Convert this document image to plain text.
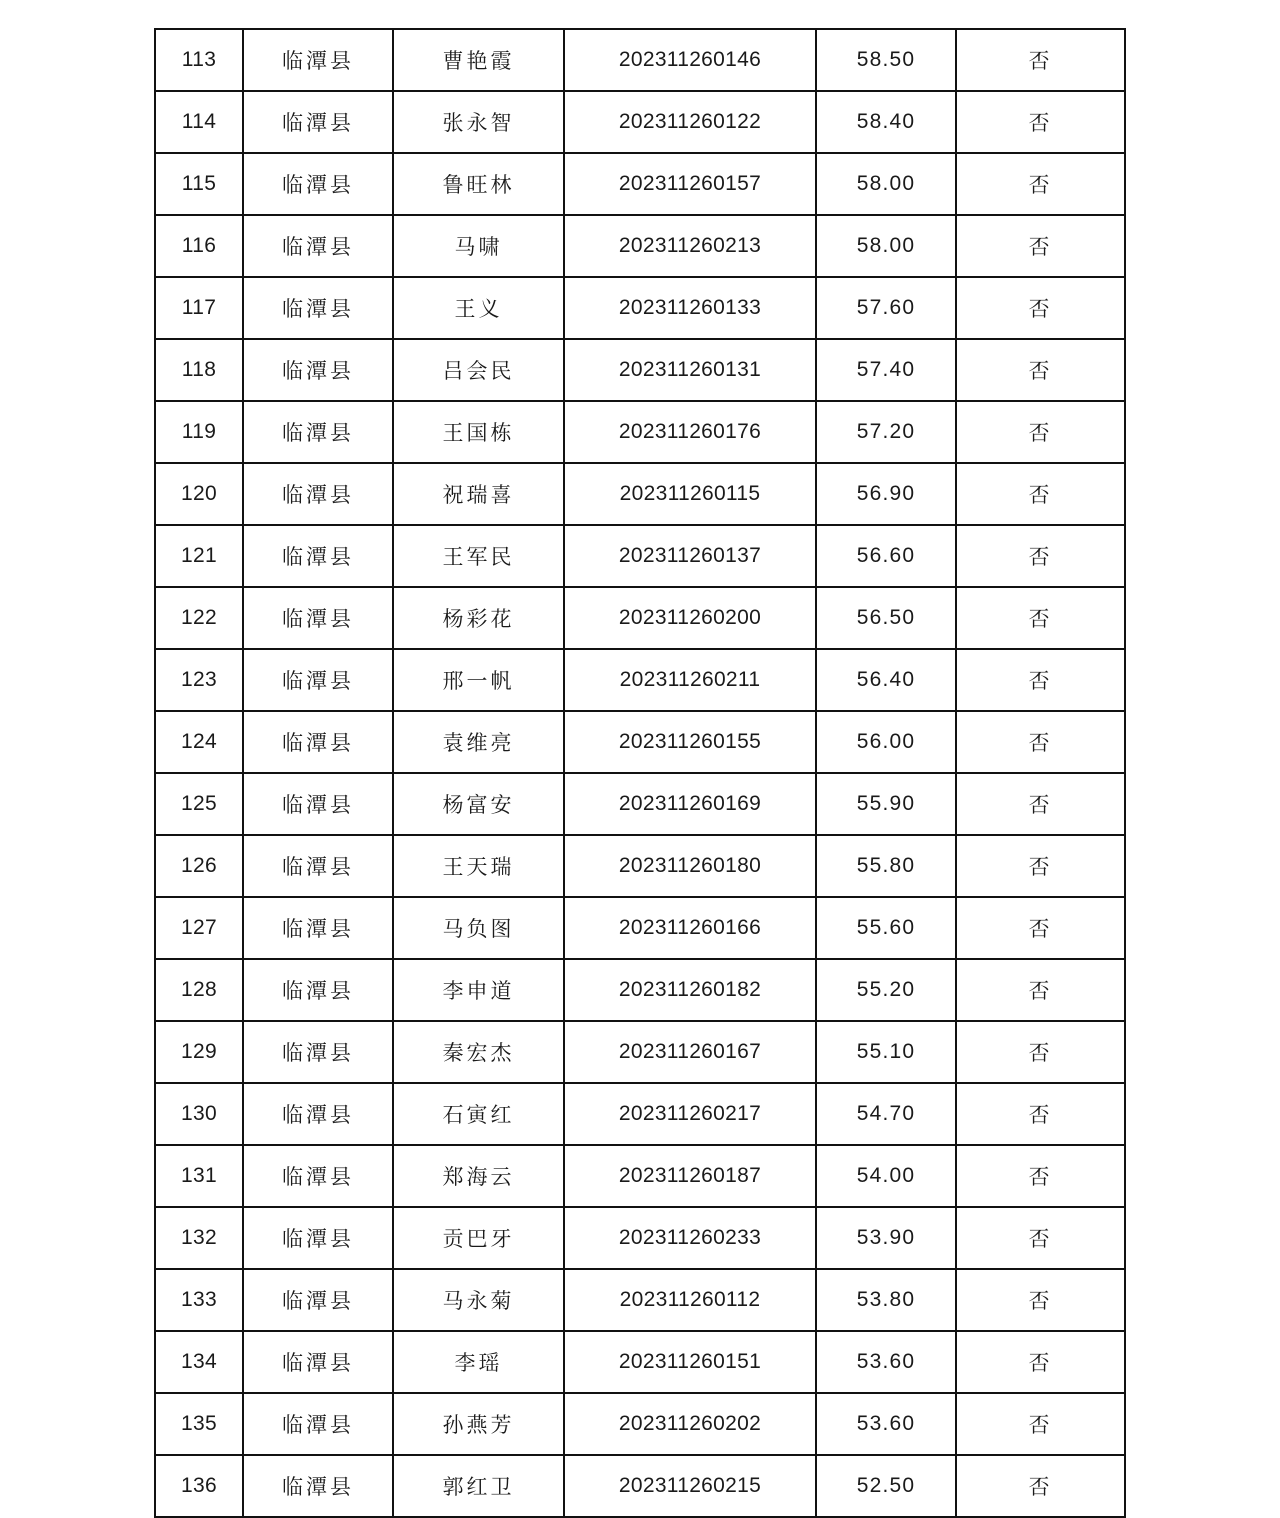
113	临潭县	曹艳霞	202311260146	58.50	否
114	临潭县	张永智	202311260122	58.40	否
115	临潭县	鲁旺林	202311260157	58.00	否
116	临潭县	马啸	202311260213	58.00	否
117	临潭县	王义	202311260133	57.60	否
118	临潭县	吕会民	202311260131	57.40	否
119	临潭县	王国栋	202311260176	57.20	否
120	临潭县	祝瑞喜	202311260115	56.90	否
121	临潭县	王军民	202311260137	56.60	否
122	临潭县	杨彩花	202311260200	56.50	否
123	临潭县	邢一帆	202311260211	56.40	否
124	临潭县	袁维亮	202311260155	56.00	否
125	临潭县	杨富安	202311260169	55.90	否
126	临潭县	王天瑞	202311260180	55.80	否
127	临潭县	马负图	202311260166	55.60	否
128	临潭县	李申道	202311260182	55.20	否
129	临潭县	秦宏杰	202311260167	55.10	否
130	临潭县	石寅红	202311260217	54.70	否
131	临潭县	郑海云	202311260187	54.00	否
132	临潭县	贡巴牙	202311260233	53.90	否
133	临潭县	马永菊	202311260112	53.80	否
134	临潭县	李瑶	202311260151	53.60	否
135	临潭县	孙燕芳	202311260202	53.60	否
136	临潭县	郭红卫	202311260215	52.50	否
